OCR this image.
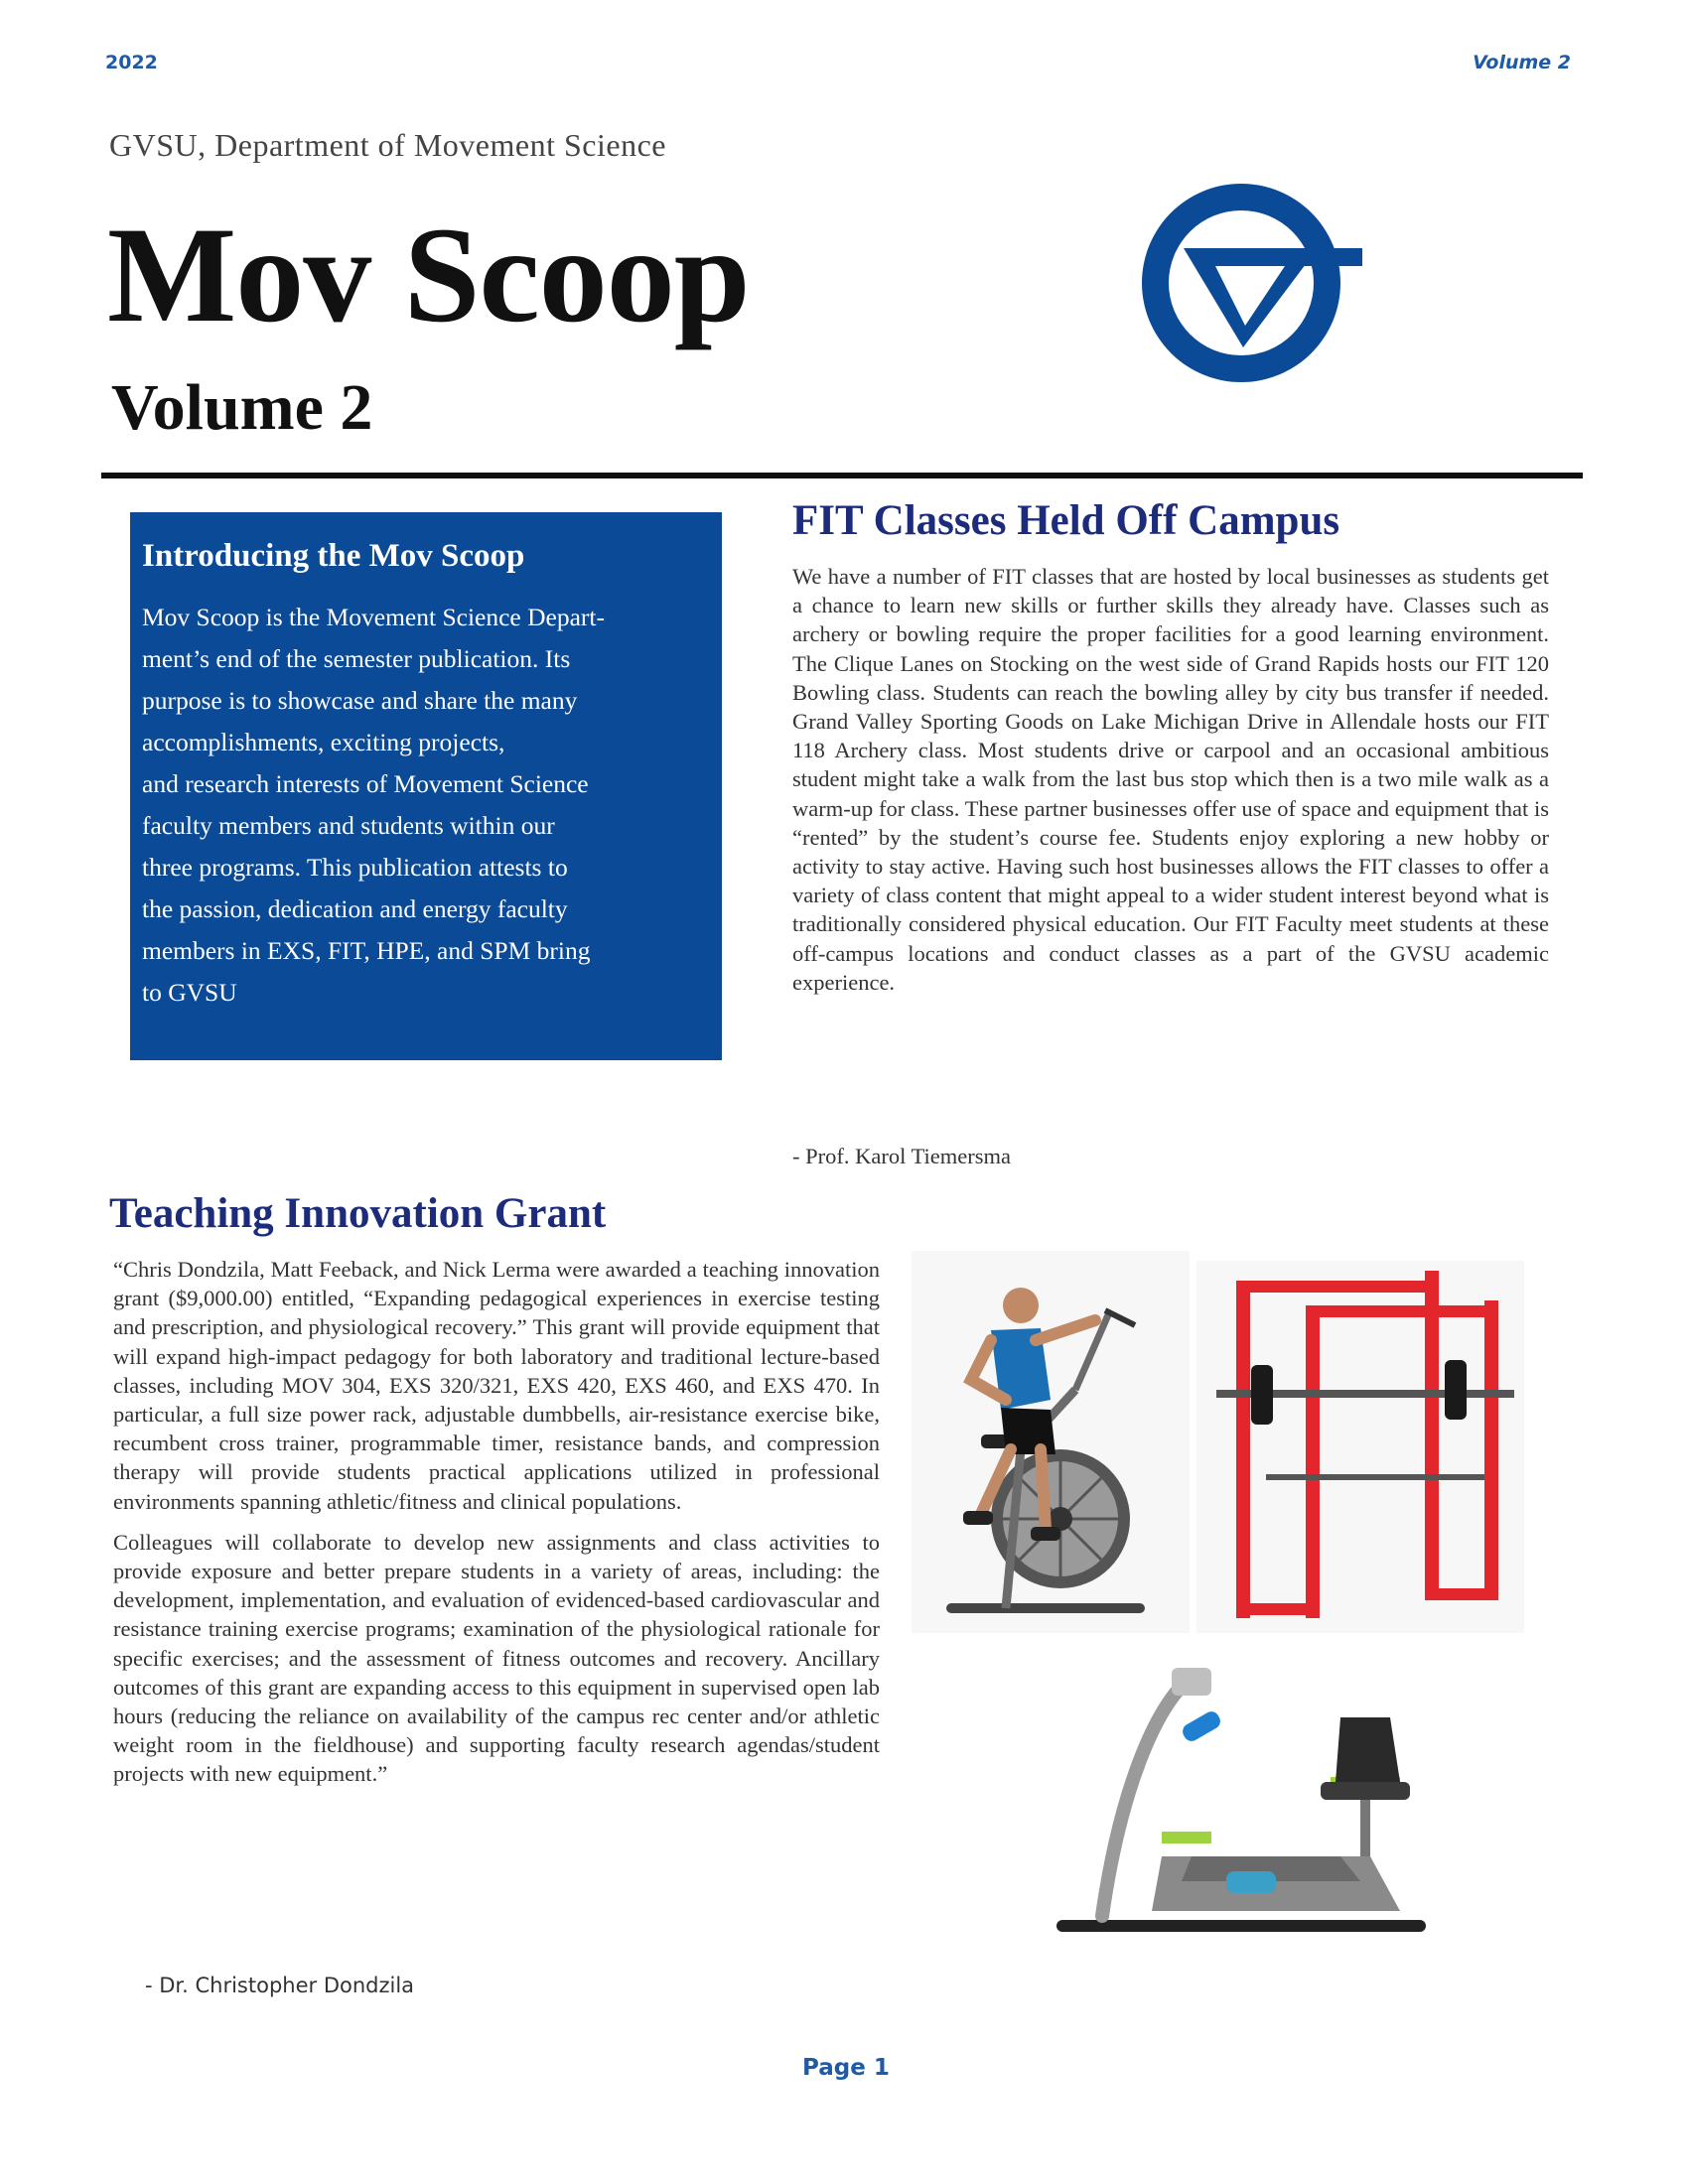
2022	Volume 2
GVSU, Department of Movement Science
Mov Scoop
Volume 2
Introducing the Mov Scoop
Mov Scoop is the Movement Science Depart-
ment’s end of the semester publication. Its
purpose is to showcase and share the many
accomplishments, exciting projects,
and research interests of Movement Science
faculty members and students within our
three programs. This publication attests to
the passion, dedication and energy faculty
members in EXS, FIT, HPE, and SPM bring
to GVSU
FIT Classes Held Off Campus
We have a number of FIT classes that are hosted by local businesses as students get a chance to learn new skills or further skills they already have. Classes such as archery or bowling require the proper facilities for a good learning environment. The Clique Lanes on Stocking on the west side of Grand Rapids hosts our FIT 120 Bowling class. Students can reach the bowling alley by city bus transfer if needed. Grand Valley Sporting Goods on Lake Michigan Drive in Allendale hosts our FIT 118 Archery class. Most students drive or carpool and an occasional ambitious student might take a walk from the last bus stop which then is a two mile walk as a warm-up for class. These partner businesses offer use of space and equipment that is “rented” by the student’s course fee. Students enjoy exploring a new hobby or activity to stay active. Having such host businesses allows the FIT classes to offer a variety of class content that might appeal to a wider student interest beyond what is traditionally considered physical education. Our FIT Faculty meet students at these off-campus locations and conduct classes as a part of the GVSU academic experience.
- Prof. Karol Tiemersma
Teaching Innovation Grant

“Chris Dondzila, Matt Feeback, and Nick Lerma were awarded a teaching innovation grant ($9,000.00) entitled, “Expanding pedagogical experiences in exercise testing and prescription, and physiological recovery.” This grant will provide equipment that will expand high-impact pedagogy for both laboratory and traditional lecture-based classes, including MOV 304, EXS 320/321, EXS 420, EXS 460, and EXS 470. In particular, a full size power rack, adjustable dumbbells, air-resistance exercise bike, recumbent cross trainer, programmable timer, resistance bands, and compression therapy will provide students practical applications utilized in professional environments spanning athletic/fitness and clinical populations.

Colleagues will collaborate to develop new assignments and class activities to provide exposure and better prepare students in a variety of areas, including: the development, implementation, and evaluation of evidenced-based cardiovascular and resistance training exercise programs; examination of the physiological rationale for specific exercises; and the assessment of fitness outcomes and recovery. Ancillary outcomes of this grant are expanding access to this equipment in supervised open lab hours (reducing the reliance on availability of the campus rec center and/or athletic weight room in the fieldhouse) and supporting faculty research agendas/student projects with new equipment.”

- Dr. Christopher Dondzila
Page 1
